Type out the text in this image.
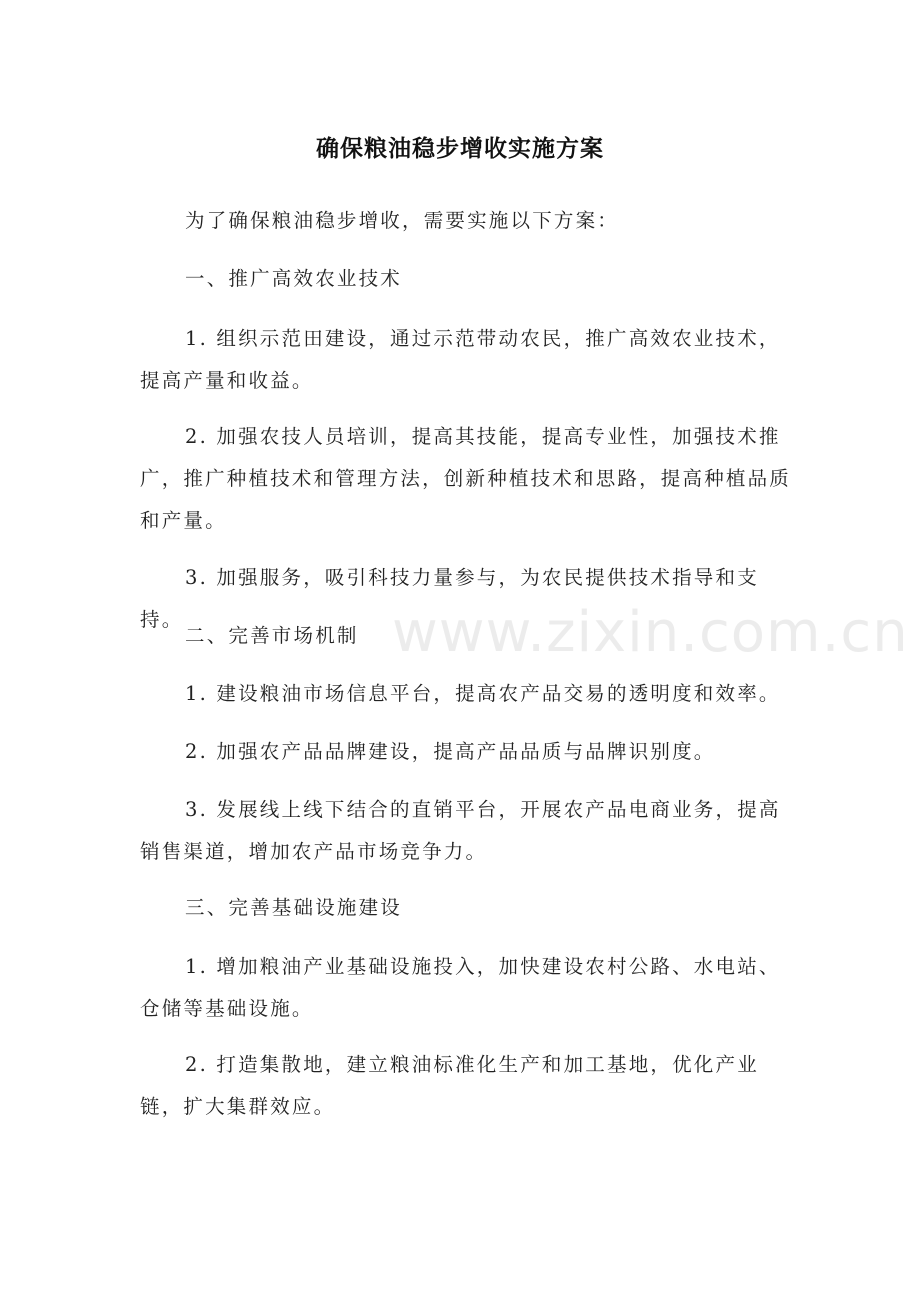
确保粮油稳步增收实施方案

为了确保粮油稳步增收，需要实施以下方案：

一、推广高效农业技术

1. 组织示范田建设，通过示范带动农民，推广高效农业技术，提高产量和收益。

2. 加强农技人员培训，提高其技能，提高专业性，加强技术推广，推广种植技术和管理方法，创新种植技术和思路，提高种植品质和产量。

3. 加强服务，吸引科技力量参与，为农民提供技术指导和支持。

二、完善市场机制

1. 建设粮油市场信息平台，提高农产品交易的透明度和效率。

2. 加强农产品品牌建设，提高产品品质与品牌识别度。

3. 发展线上线下结合的直销平台，开展农产品电商业务，提高销售渠道，增加农产品市场竞争力。

三、完善基础设施建设

1. 增加粮油产业基础设施投入，加快建设农村公路、水电站、仓储等基础设施。

2. 打造集散地，建立粮油标准化生产和加工基地，优化产业链，扩大集群效应。

www.zixin.com.cn
